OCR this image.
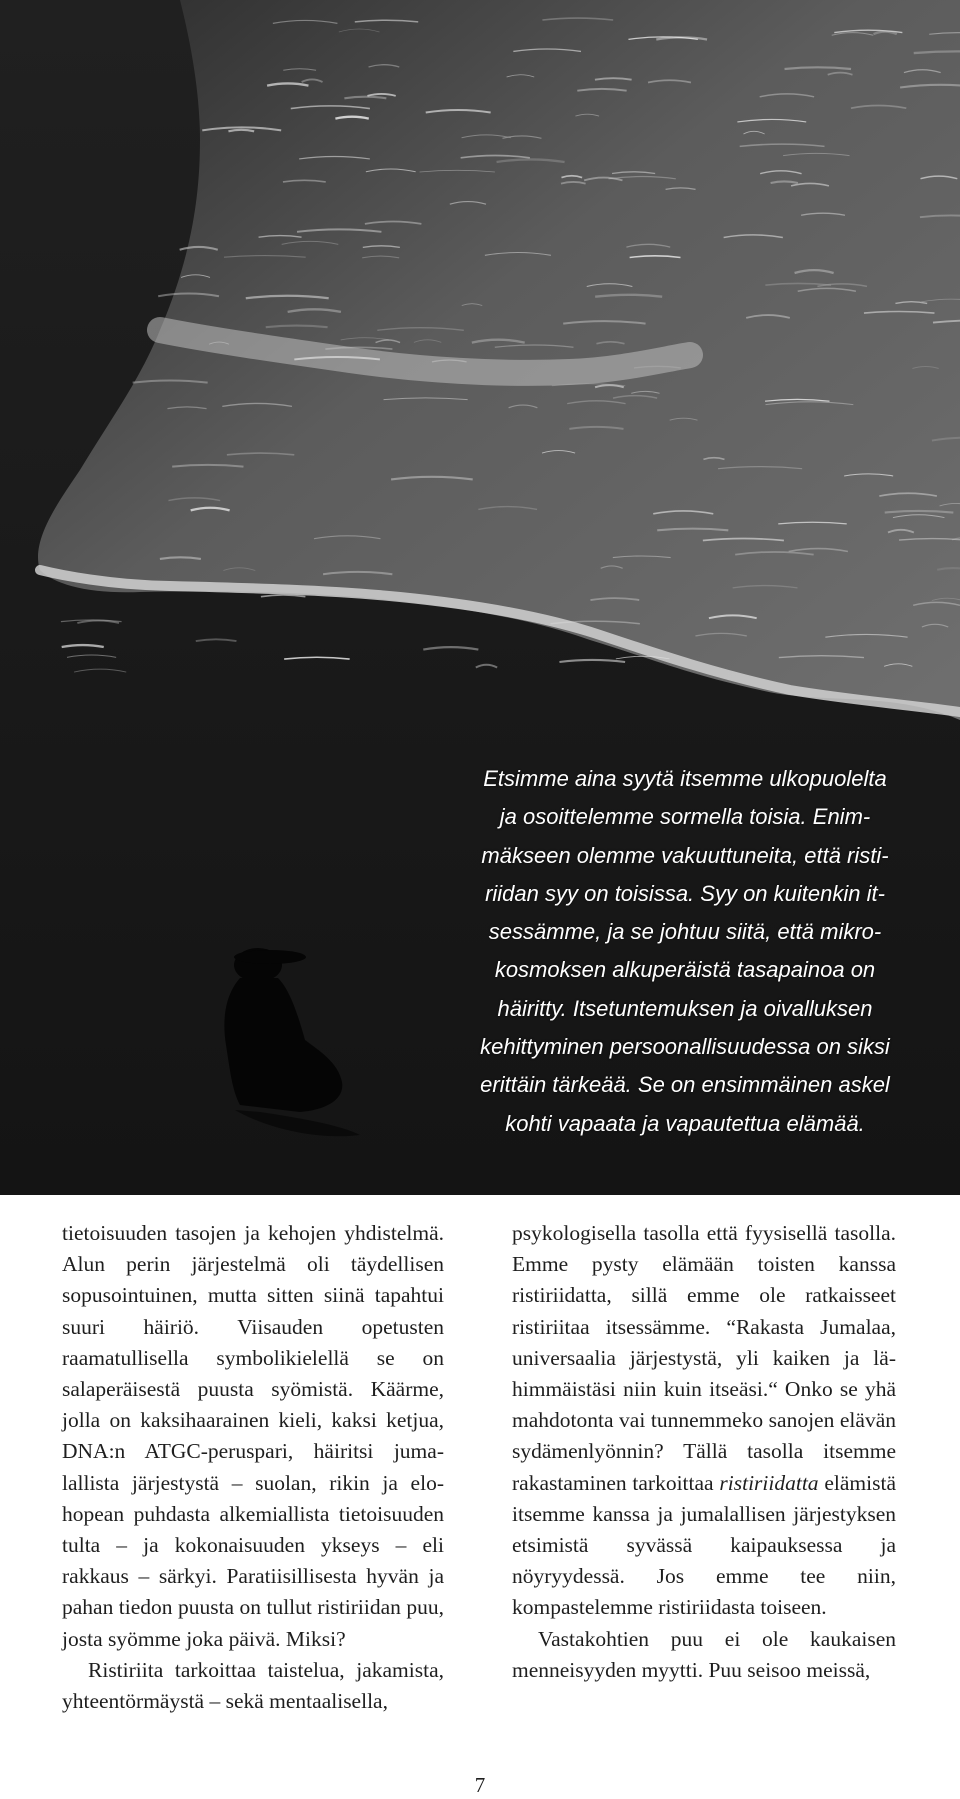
Etsimme aina syytä itsemme ulkopuolelta
ja osoittelemme sormella toisia. Enim-
mäkseen olemme vakuuttuneita, että risti-
riidan syy on toisissa. Syy on kuitenkin it-
sessämme, ja se johtuu siitä, että mikro-
kosmoksen alkuperäistä tasapainoa on
häiritty. Itsetuntemuksen ja oivalluksen
kehittyminen persoonallisuudessa on siksi
erittäin tärkeää. Se on ensimmäinen askel
kohti vapaata ja vapautettua elämää.

tietoisuuden tasojen ja kehojen yhdistelmä. Alun perin järjestelmä oli täydellisen sopusointuinen, mutta sitten siinä tapahtui suuri häiriö. Viisauden opetusten raamatullisella symbolikielellä se on salaperäisestä puusta syömistä. Käärme, jolla on kaksihaarainen kieli, kaksi ketjua, DNA:n ATGC-peruspari, häiritsi jumalallista järjestystä – suolan, rikin ja elohopean puhdasta alkemiallista tietoisuuden tulta – ja kokonaisuuden ykseys – eli rakkaus – särkyi. Paratiisillisesta hyvän ja pahan tiedon puusta on tullut ristiriidan puu, josta syömme joka päivä. Miksi?

Ristiriita tarkoittaa taistelua, jakamista, yhteentörmäystä – sekä mentaalisella,

psykologisella tasolla että fyysisellä tasolla. Emme pysty elämään toisten kanssa ristiriidatta, sillä emme ole ratkaisseet ristiriitaa itsessämme. “Rakasta Jumalaa, universaalia järjestystä, yli kaiken ja lähimmäistäsi niin kuin itseäsi.“ Onko se yhä mahdotonta vai tunnemmeko sanojen elävän sydämenlyönnin? Tällä tasolla itsemme rakastaminen tarkoittaa ristiriidatta elämistä itsemme kanssa ja jumalallisen järjestyksen etsimistä syvässä kaipauksessa ja nöyryydessä. Jos emme tee niin, kompastelemme ristiriidasta toiseen.

Vastakohtien puu ei ole kaukaisen menneisyyden myytti. Puu seisoo meissä,

7
